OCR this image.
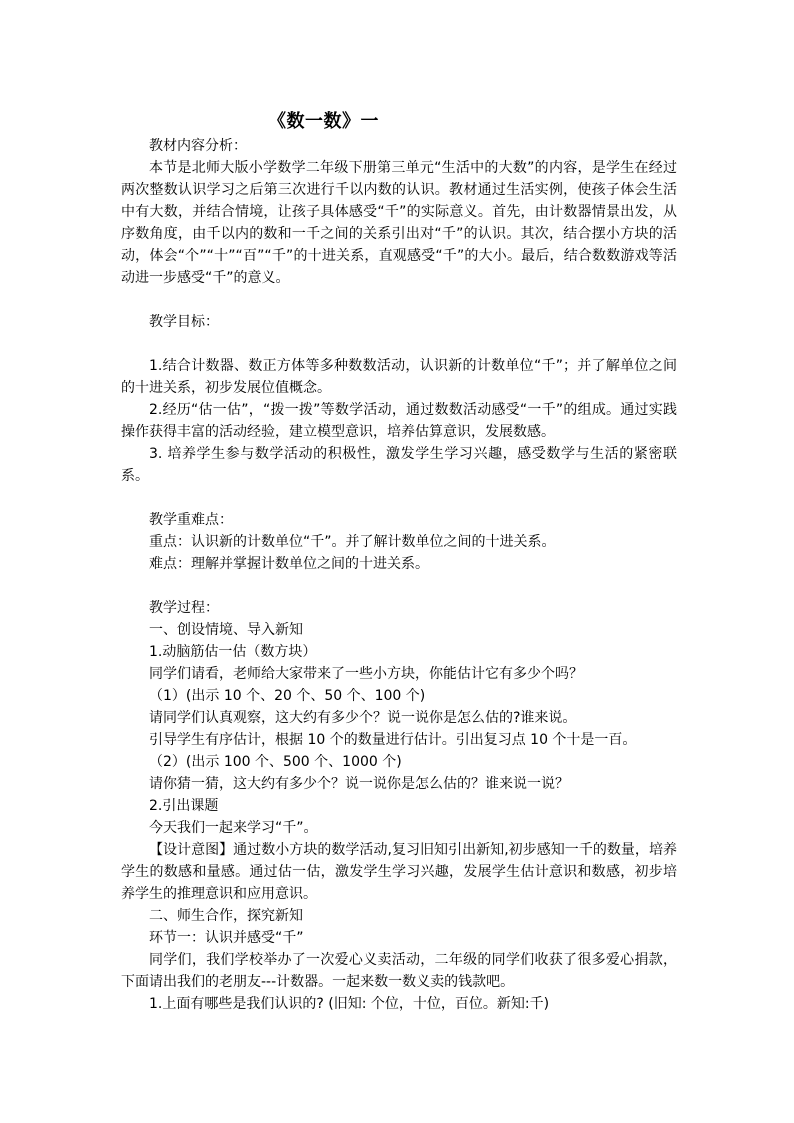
《数一数》一

教材内容分析：

本节是北师大版小学数学二年级下册第三单元“生活中的大数”的内容，是学生在经过两次整数认识学习之后第三次进行千以内数的认识。教材通过生活实例，使孩子体会生活中有大数，并结合情境，让孩子具体感受“千”的实际意义。首先，由计数器情景出发，从序数角度，由千以内的数和一千之间的关系引出对“千”的认识。其次，结合摆小方块的活动，体会“个”“十”“百”“千”的十进关系，直观感受“千”的大小。最后，结合数数游戏等活动进一步感受“千”的意义。

教学目标：

1.结合计数器、数正方体等多种数数活动，认识新的计数单位“千”；并了解单位之间的十进关系，初步发展位值概念。

2.经历“估一估”，“拨一拨”等数学活动，通过数数活动感受“一千”的组成。通过实践操作获得丰富的活动经验，建立模型意识，培养估算意识，发展数感。

3. 培养学生参与数学活动的积极性，激发学生学习兴趣，感受数学与生活的紧密联系。

教学重难点：

重点：认识新的计数单位“千”。并了解计数单位之间的十进关系。

难点：理解并掌握计数单位之间的十进关系。

教学过程：

一、创设情境、导入新知

1.动脑筋估一估（数方块）

同学们请看，老师给大家带来了一些小方块，你能估计它有多少个吗？

（1）(出示 10 个、20 个、50 个、100 个)

请同学们认真观察，这大约有多少个？说一说你是怎么估的?谁来说。

引导学生有序估计，根据 10 个的数量进行估计。引出复习点 10 个十是一百。

（2）(出示 100 个、500 个、1000 个)

请你猜一猜，这大约有多少个？说一说你是怎么估的？谁来说一说？

2.引出课题

今天我们一起来学习“千”。

【设计意图】通过数小方块的数学活动,复习旧知引出新知,初步感知一千的数量，培养学生的数感和量感。通过估一估，激发学生学习兴趣，发展学生估计意识和数感，初步培养学生的推理意识和应用意识。

二、师生合作，探究新知

环节一：认识并感受“千”

同学们，我们学校举办了一次爱心义卖活动，二年级的同学们收获了很多爱心捐款，下面请出我们的老朋友---计数器。一起来数一数义卖的钱款吧。

1.上面有哪些是我们认识的? (旧知: 个位，十位，百位。新知:千)
